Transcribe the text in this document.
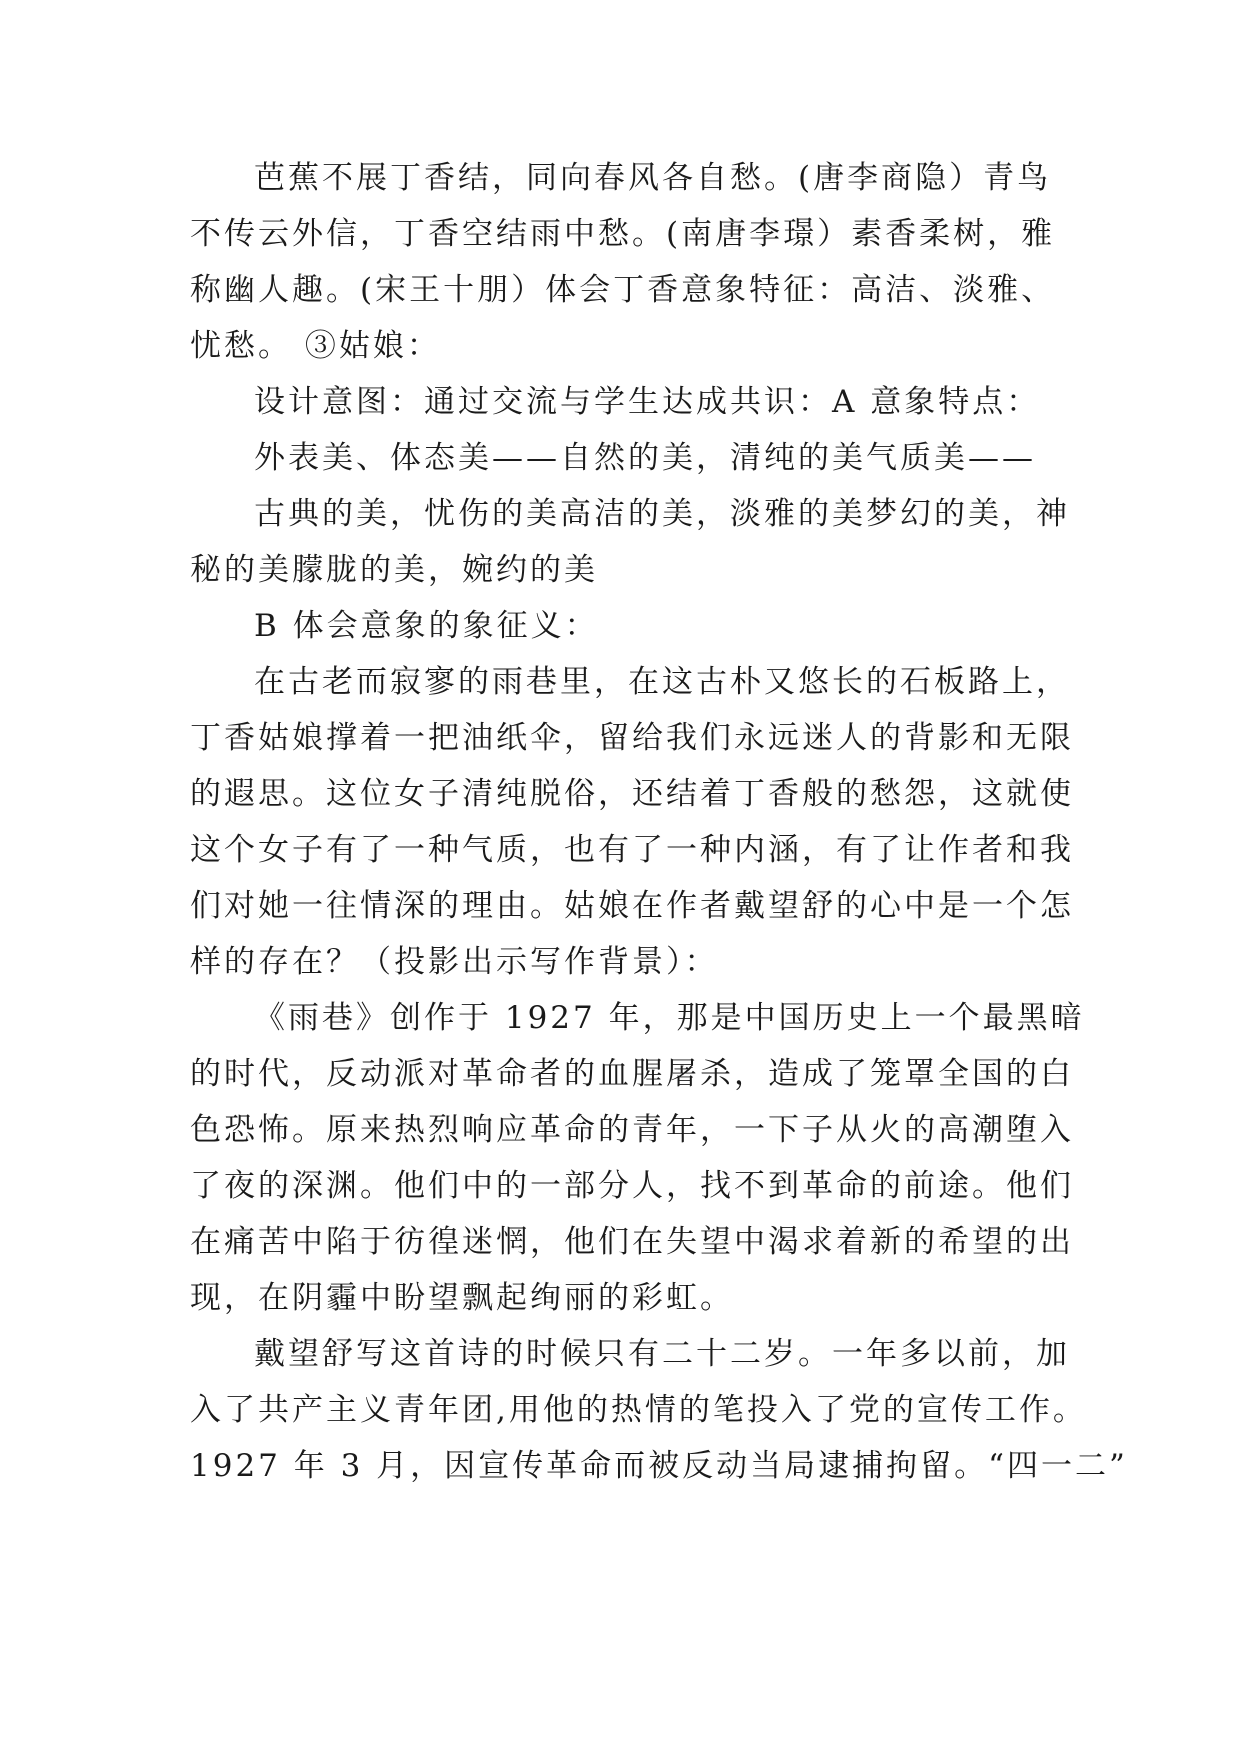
芭蕉不展丁香结，同向春风各自愁。(唐李商隐）青鸟
不传云外信，丁香空结雨中愁。(南唐李璟）素香柔树，雅
称幽人趣。(宋王十朋）体会丁香意象特征：高洁、淡雅、
忧愁。 ③姑娘：
设计意图：通过交流与学生达成共识：A 意象特点：
外表美、体态美——自然的美，清纯的美气质美——
古典的美，忧伤的美高洁的美，淡雅的美梦幻的美，神
秘的美朦胧的美，婉约的美
B 体会意象的象征义：
在古老而寂寥的雨巷里，在这古朴又悠长的石板路上，
丁香姑娘撑着一把油纸伞，留给我们永远迷人的背影和无限
的遐思。这位女子清纯脱俗，还结着丁香般的愁怨，这就使
这个女子有了一种气质，也有了一种内涵，有了让作者和我
们对她一往情深的理由。姑娘在作者戴望舒的心中是一个怎
样的存在？（投影出示写作背景）：
《雨巷》创作于 1927 年，那是中国历史上一个最黑暗
的时代，反动派对革命者的血腥屠杀，造成了笼罩全国的白
色恐怖。原来热烈响应革命的青年，一下子从火的高潮堕入
了夜的深渊。他们中的一部分人，找不到革命的前途。他们
在痛苦中陷于彷徨迷惘，他们在失望中渴求着新的希望的出
现，在阴霾中盼望飘起绚丽的彩虹。
戴望舒写这首诗的时候只有二十二岁。一年多以前，加
入了共产主义青年团,用他的热情的笔投入了党的宣传工作。
1927 年 3 月，因宣传革命而被反动当局逮捕拘留。“四一二”
